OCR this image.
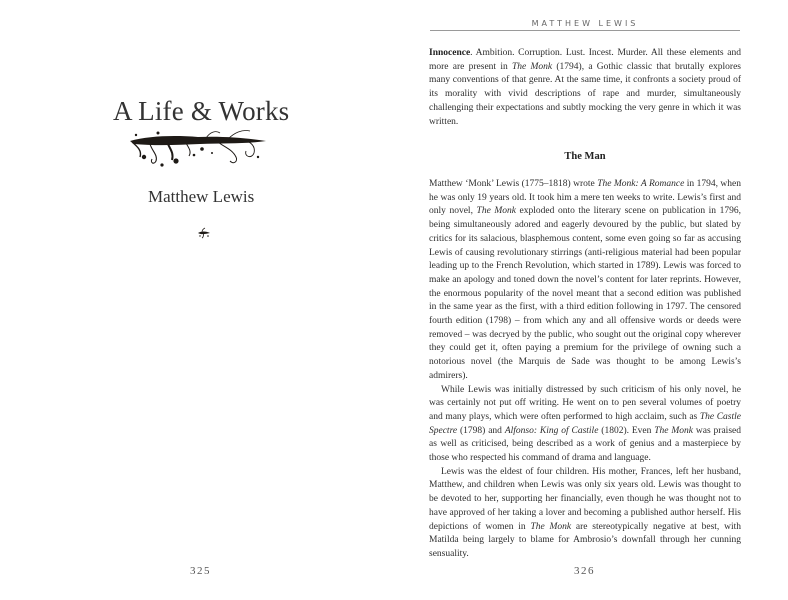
A Life & Works
Matthew Lewis
325
MATTHEW LEWIS
Innocence. Ambition. Corruption. Lust. Incest. Murder. All these elements and more are present in The Monk (1794), a Gothic classic that brutally explores many conventions of that genre. At the same time, it confronts a society proud of its morality with vivid descriptions of rape and murder, simultaneously challenging their expectations and subtly mocking the very genre in which it was written.
The Man

Matthew ‘Monk’ Lewis (1775–1818) wrote The Monk: A Romance in 1794, when he was only 19 years old. It took him a mere ten weeks to write. Lewis’s first and only novel, The Monk exploded onto the literary scene on publication in 1796, being simultaneously adored and eagerly devoured by the public, but slated by critics for its salacious, blasphemous content, some even going so far as accusing Lewis of causing revolutionary stirrings (anti-religious material had been popular leading up to the French Revolution, which started in 1789). Lewis was forced to make an apology and toned down the novel’s content for later reprints. However, the enormous popularity of the novel meant that a second edition was published in the same year as the first, with a third edition following in 1797. The censored fourth edition (1798) – from which any and all offensive words or deeds were removed – was decryed by the public, who sought out the original copy wherever they could get it, often paying a premium for the privilege of owning such a notorious novel (the Marquis de Sade was thought to be among Lewis’s admirers).

While Lewis was initially distressed by such criticism of his only novel, he was certainly not put off writing. He went on to pen several volumes of poetry and many plays, which were often performed to high acclaim, such as The Castle Spectre (1798) and Alfonso: King of Castile (1802). Even The Monk was praised as well as criticised, being described as a work of genius and a masterpiece by those who respected his command of drama and language.

Lewis was the eldest of four children. His mother, Frances, left her husband, Matthew, and children when Lewis was only six years old. Lewis was thought to be devoted to her, supporting her financially, even though he was thought not to have approved of her taking a lover and becoming a published author herself. His depictions of women in The Monk are stereotypically negative at best, with Matilda being largely to blame for Ambrosio’s downfall through her cunning sensuality.

326
